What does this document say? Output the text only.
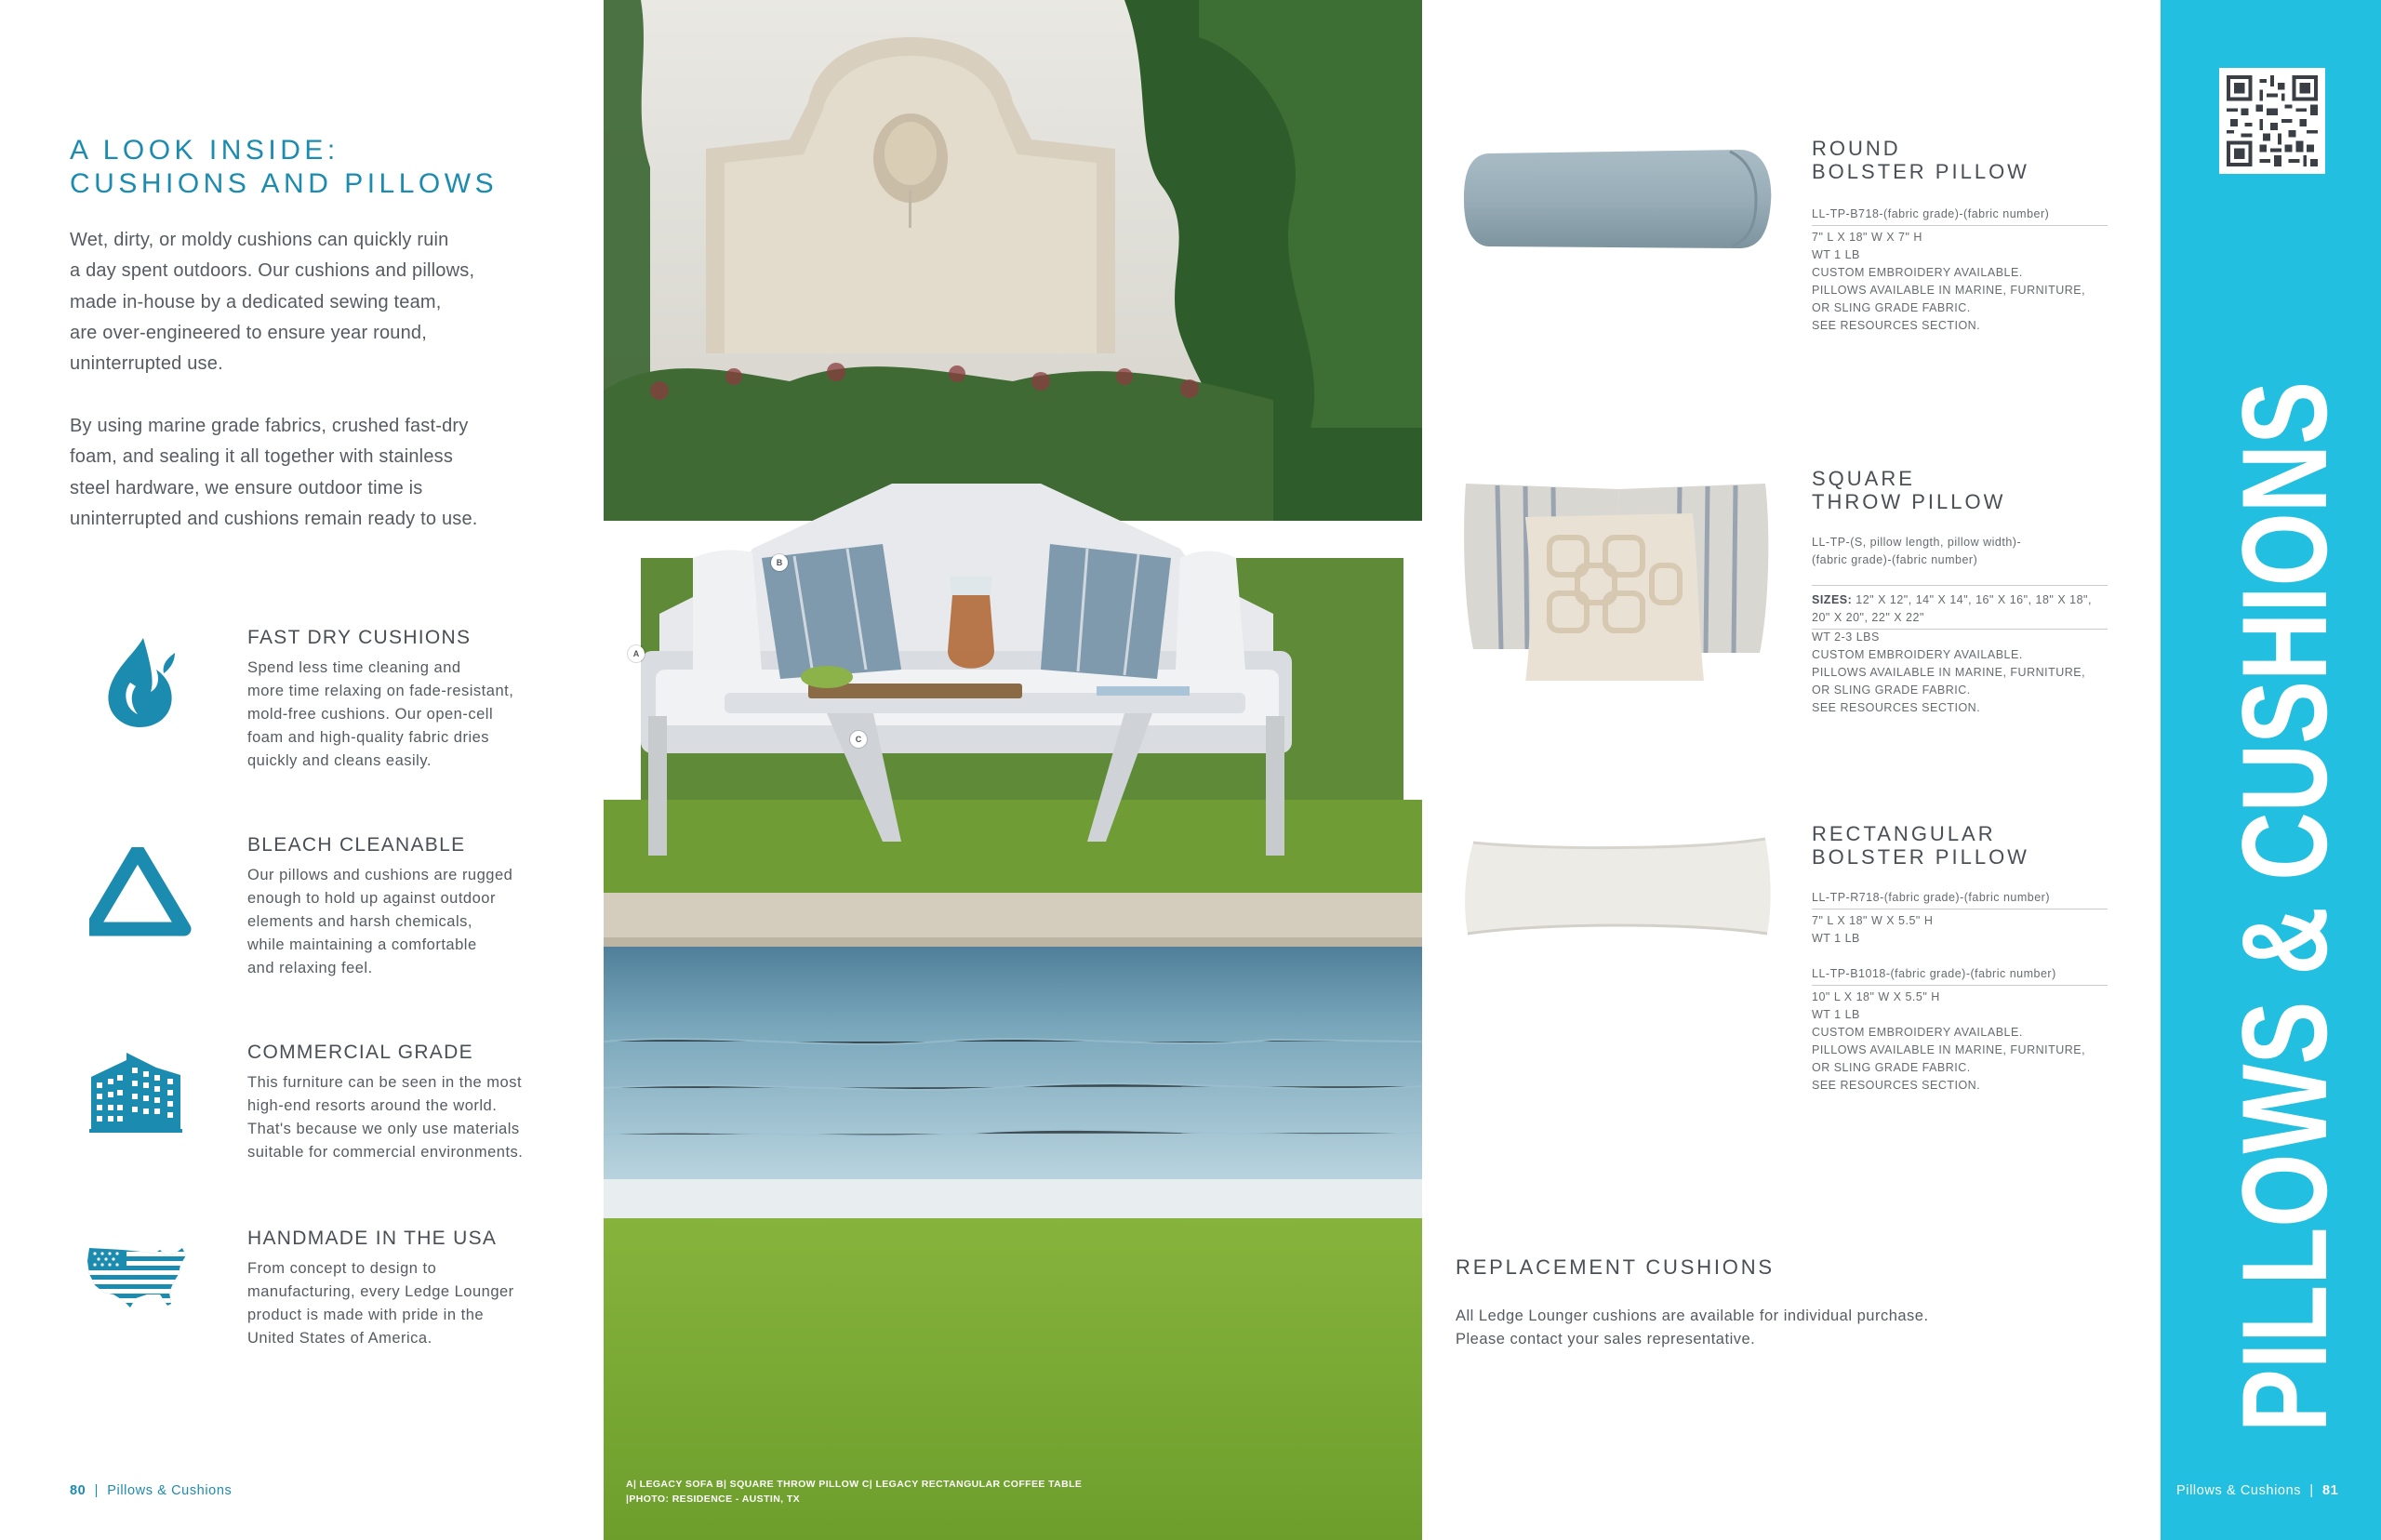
A LOOK INSIDE:
CUSHIONS AND PILLOWS
Wet, dirty, or moldy cushions can quickly ruin
a day spent outdoors. Our cushions and pillows,
made in-house by a dedicated sewing team,
are over-engineered to ensure year round,
uninterrupted use.
By using marine grade fabrics, crushed fast-dry
foam, and sealing it all together with stainless
steel hardware, we ensure outdoor time is
uninterrupted and cushions remain ready to use.
FAST DRY CUSHIONS
Spend less time cleaning and
more time relaxing on fade-resistant,
mold-free cushions. Our open-cell
foam and high-quality fabric dries
quickly and cleans easily.
BLEACH CLEANABLE
Our pillows and cushions are rugged
enough to hold up against outdoor
elements and harsh chemicals,
while maintaining a comfortable
and relaxing feel.
COMMERCIAL GRADE
This furniture can be seen in the most
high-end resorts around the world.
That's because we only use materials
suitable for commercial environments.
HANDMADE IN THE USA
From concept to design to
manufacturing, every Ledge Lounger
product is made with pride in the
United States of America.
80  |  Pillows & Cushions
B
A
C
A| LEGACY SOFA B| SQUARE THROW PILLOW C| LEGACY RECTANGULAR COFFEE TABLE
|PHOTO: RESIDENCE - AUSTIN, TX
ROUND
BOLSTER PILLOW
LL-TP-B718-(fabric grade)-(fabric number)
7" L X 18" W X 7" H
WT 1 LB
CUSTOM EMBROIDERY AVAILABLE.
PILLOWS AVAILABLE IN MARINE, FURNITURE,
OR SLING GRADE FABRIC.
SEE RESOURCES SECTION.
SQUARE
THROW PILLOW
LL-TP-(S, pillow length, pillow width)-
(fabric grade)-(fabric number)
SIZES: 12" X 12", 14" X 14", 16" X 16", 18" X 18",
20" X 20", 22" X 22"
WT 2-3 LBS
CUSTOM EMBROIDERY AVAILABLE.
PILLOWS AVAILABLE IN MARINE, FURNITURE,
OR SLING GRADE FABRIC.
SEE RESOURCES SECTION.
RECTANGULAR
BOLSTER PILLOW
LL-TP-R718-(fabric grade)-(fabric number)
7" L X 18" W X 5.5" H
WT 1 LB
LL-TP-B1018-(fabric grade)-(fabric number)
10" L X 18" W X 5.5" H
WT 1 LB
CUSTOM EMBROIDERY AVAILABLE.
PILLOWS AVAILABLE IN MARINE, FURNITURE,
OR SLING GRADE FABRIC.
SEE RESOURCES SECTION.
REPLACEMENT CUSHIONS
All Ledge Lounger cushions are available for individual purchase.
Please contact your sales representative.	PILLOWS & CUSHIONS
Pillows & Cushions  |  81
